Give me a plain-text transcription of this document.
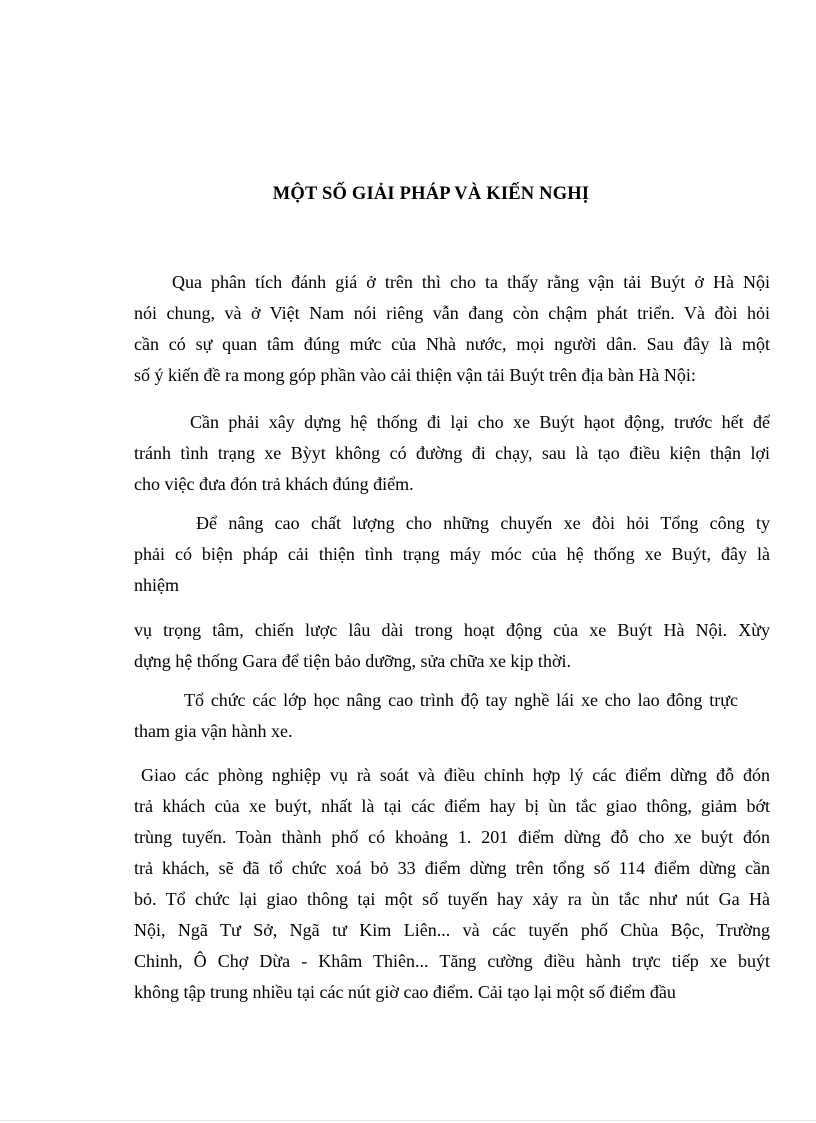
MỘT SỐ GIẢI PHÁP VÀ KIẾN NGHỊ
Qua phân tích đánh giá ở trên thì cho ta thấy rằng vận tải Buýt ở Hà Nội
nói chung, và ở Việt Nam nói riêng vẫn đang còn chậm phát triển. Và đòi hỏi
cần có sự quan tâm đúng mức của Nhà nước, mọi người dân. Sau đây là một
số ý kiến đề ra mong góp phần vào cải thiện vận tải Buýt trên địa bàn Hà Nội:
Cần phải xây dựng hệ thống đi lại cho xe Buýt hạot động, trước hết để
tránh tình trạng xe Bỳyt không có đường đi chạy, sau là tạo điều kiện thận lợi
cho việc đưa đón trả khách đúng điểm.
Để nâng cao chất lượng cho những chuyến xe đòi hỏi Tổng công ty
phải có biện pháp cải thiện tình trạng máy móc của hệ thống xe Buýt, đây là
nhiệm
vụ trọng tâm, chiến lược lâu dài trong hoạt động của xe Buýt Hà Nội. Xừy
dựng hệ thống Gara để tiện bảo dưỡng, sửa chữa xe kịp thời.
Tổ chức các lớp học nâng cao trình độ tay nghề lái xe cho lao đông trực
tham gia vận hành xe.
Giao các phòng nghiệp vụ rà soát và điều chỉnh hợp lý các điểm dừng đỗ đón
trả khách của xe buýt, nhất là tại các điểm hay bị ùn tắc giao thông, giảm bớt
trùng tuyến. Toàn thành phố có khoảng 1. 201 điểm dừng đỗ cho xe buýt đón
trả khách, sẽ đã tổ chức xoá bỏ 33 điểm dừng trên tổng số 114 điểm dừng cần
bỏ. Tổ chức lại giao thông tại một số tuyến hay xảy ra ùn tắc như nút Ga Hà
Nội, Ngã Tư Sở, Ngã tư Kim Liên... và các tuyến phố Chùa Bộc, Trường
Chinh, Ô Chợ Dừa - Khâm Thiên... Tăng cường điều hành trực tiếp xe buýt
không tập trung nhiều tại các nút giờ cao điểm. Cải tạo lại một số điểm đầu
